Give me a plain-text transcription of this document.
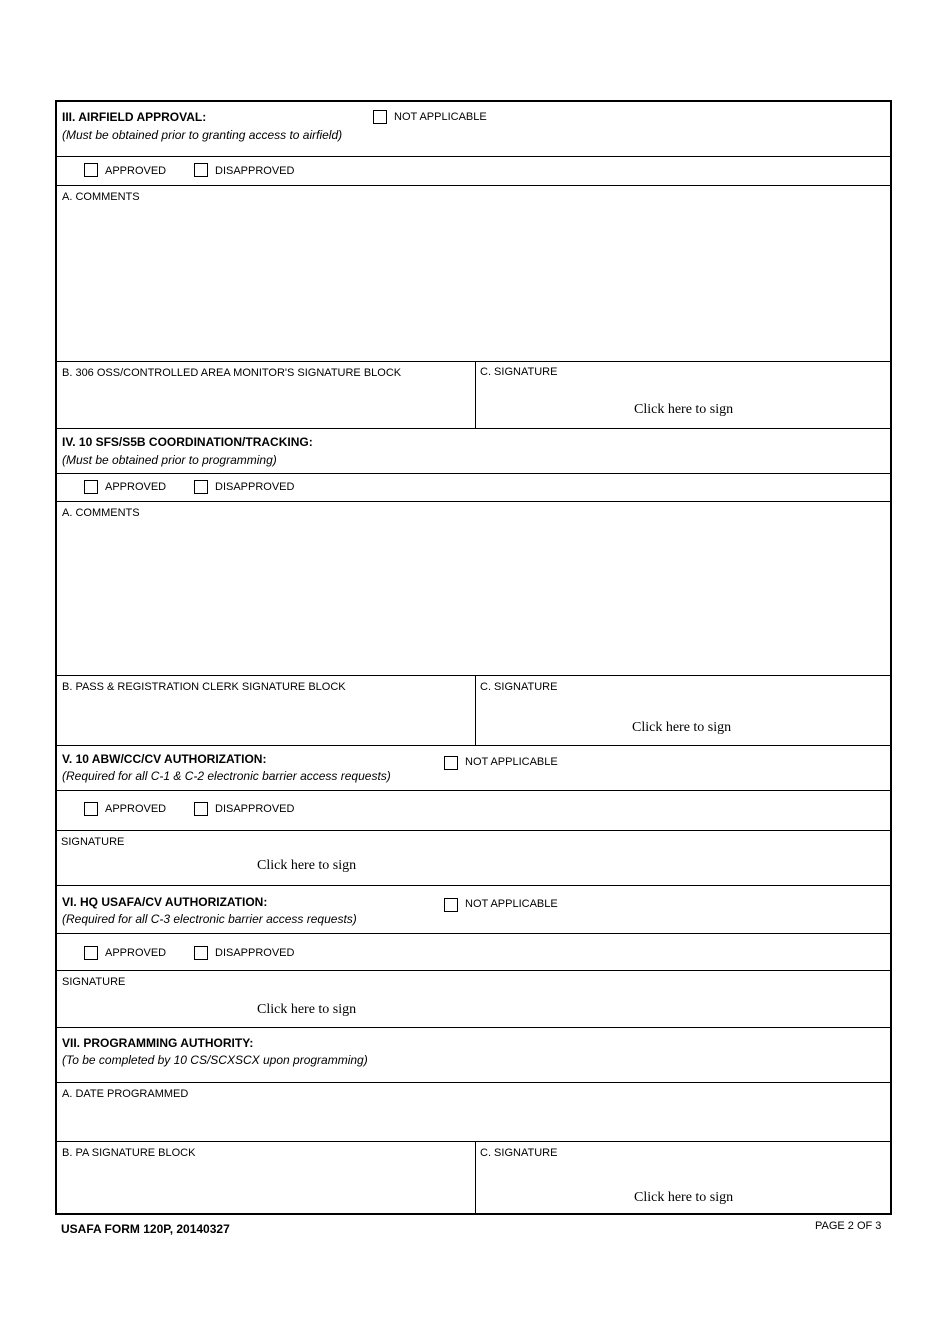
III. AIRFIELD APPROVAL:
(Must be obtained prior to granting access to airfield)
NOT APPLICABLE
APPROVED	DISAPPROVED
A. COMMENTS
B. 306 OSS/CONTROLLED AREA MONITOR'S SIGNATURE BLOCK	C. SIGNATURE
Click here to sign
IV. 10 SFS/S5B COORDINATION/TRACKING:
(Must be obtained prior to programming)
APPROVED	DISAPPROVED
A. COMMENTS
B. PASS & REGISTRATION CLERK SIGNATURE BLOCK	C. SIGNATURE
Click here to sign
V. 10 ABW/CC/CV AUTHORIZATION:
(Required for all C-1 & C-2 electronic barrier access requests)
NOT APPLICABLE
APPROVED	DISAPPROVED
SIGNATURE
Click here to sign
VI. HQ USAFA/CV AUTHORIZATION:
(Required for all C-3 electronic barrier access requests)
NOT APPLICABLE
APPROVED	DISAPPROVED
SIGNATURE
Click here to sign
VII. PROGRAMMING AUTHORITY:
(To be completed by 10 CS/SCXSCX upon programming)
A. DATE PROGRAMMED
B. PA SIGNATURE BLOCK	C. SIGNATURE
Click here to sign
USAFA FORM 120P, 20140327	PAGE 2 OF 3
